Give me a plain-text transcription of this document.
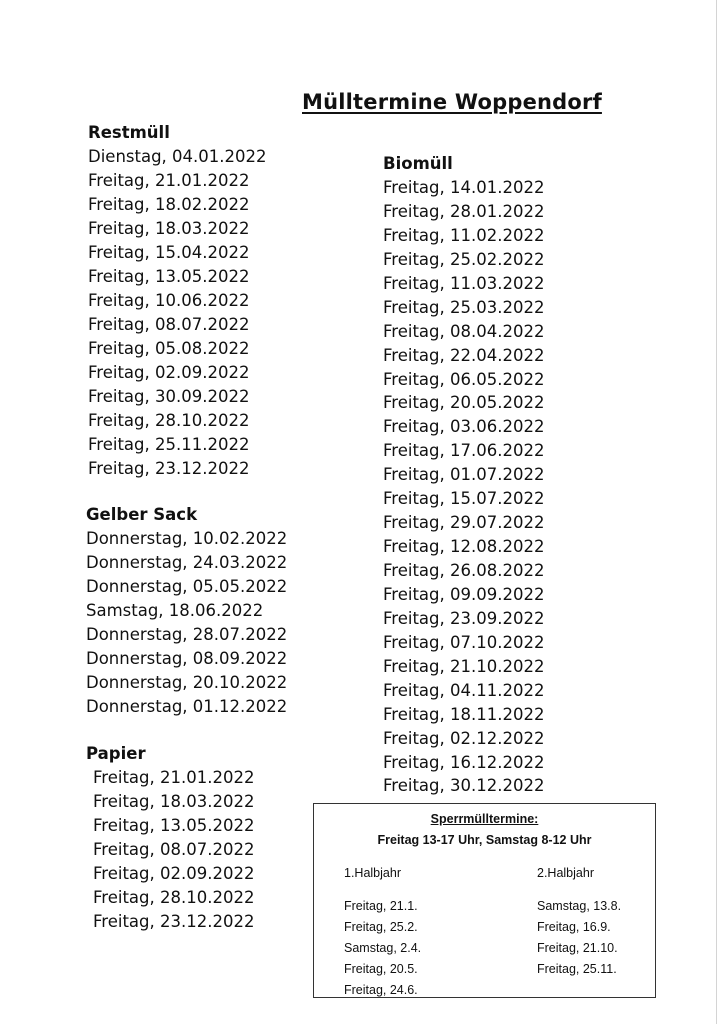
Mülltermine Woppendorf
Restmüll
Dienstag, 04.01.2022
Freitag, 21.01.2022
Freitag, 18.02.2022
Freitag, 18.03.2022
Freitag, 15.04.2022
Freitag, 13.05.2022
Freitag, 10.06.2022
Freitag, 08.07.2022
Freitag, 05.08.2022
Freitag, 02.09.2022
Freitag, 30.09.2022
Freitag, 28.10.2022
Freitag, 25.11.2022
Freitag, 23.12.2022
Gelber Sack
Donnerstag, 10.02.2022
Donnerstag, 24.03.2022
Donnerstag, 05.05.2022
Samstag, 18.06.2022
Donnerstag, 28.07.2022
Donnerstag, 08.09.2022
Donnerstag, 20.10.2022
Donnerstag, 01.12.2022
Papier
Freitag, 21.01.2022
Freitag, 18.03.2022
Freitag, 13.05.2022
Freitag, 08.07.2022
Freitag, 02.09.2022
Freitag, 28.10.2022
Freitag, 23.12.2022
Biomüll
Freitag, 14.01.2022
Freitag, 28.01.2022
Freitag, 11.02.2022
Freitag, 25.02.2022
Freitag, 11.03.2022
Freitag, 25.03.2022
Freitag, 08.04.2022
Freitag, 22.04.2022
Freitag, 06.05.2022
Freitag, 20.05.2022
Freitag, 03.06.2022
Freitag, 17.06.2022
Freitag, 01.07.2022
Freitag, 15.07.2022
Freitag, 29.07.2022
Freitag, 12.08.2022
Freitag, 26.08.2022
Freitag, 09.09.2022
Freitag, 23.09.2022
Freitag, 07.10.2022
Freitag, 21.10.2022
Freitag, 04.11.2022
Freitag, 18.11.2022
Freitag, 02.12.2022
Freitag, 16.12.2022
Freitag, 30.12.2022
Sperrmülltermine:
Freitag 13-17 Uhr, Samstag 8-12 Uhr
1.Halbjahr
Freitag, 21.1.
Freitag, 25.2.
Samstag, 2.4.
Freitag, 20.5.
Freitag, 24.6.
2.Halbjahr
Samstag, 13.8.
Freitag, 16.9.
Freitag, 21.10.
Freitag, 25.11.
